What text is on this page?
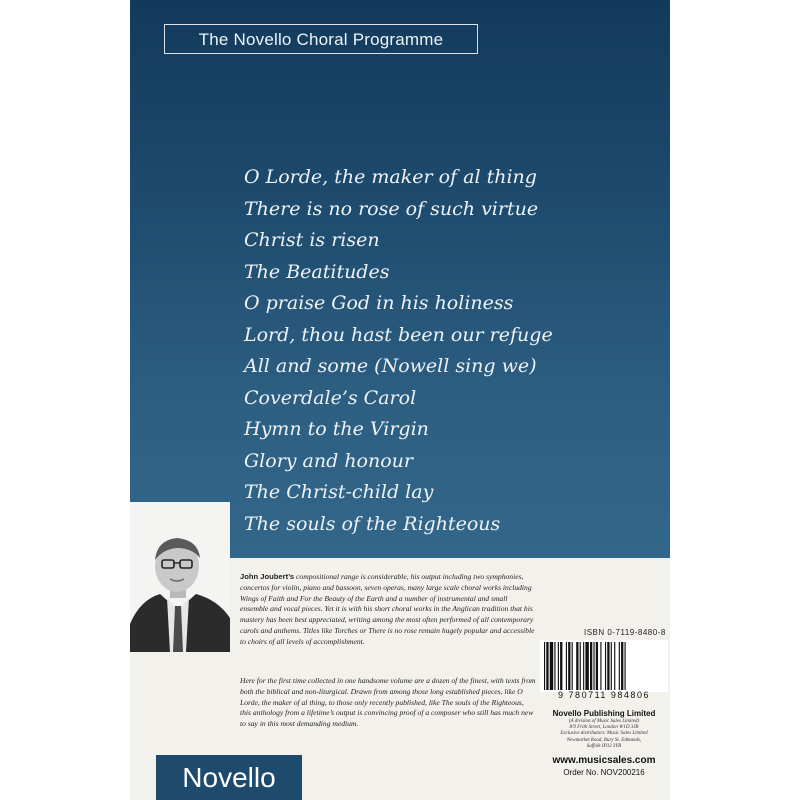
The Novello Choral Programme
O Lorde, the maker of al thing
There is no rose of such virtue
Christ is risen
The Beatitudes
O praise God in his holiness
Lord, thou hast been our refuge
All and some (Nowell sing we)
Coverdale’s Carol
Hymn to the Virgin
Glory and honour
The Christ-child lay
The souls of the Righteous

John Joubert’s compositional range is considerable, his output including two symphonies, concertos for violin, piano and bassoon, seven operas, many large scale choral works including Wings of Faith and For the Beauty of the Earth and a number of instrumental and small ensemble and vocal pieces. Yet it is with his short choral works in the Anglican tradition that his mastery has been best appreciated, writing among the most often performed of all contemporary carols and anthems. Titles like Torches or There is no rose remain hugely popular and accessible to choirs of all levels of accomplishment.

Here for the first time collected in one handsome volume are a dozen of the finest, with texts from both the biblical and non-liturgical. Drawn from among those long established pieces, like O Lorde, the maker of al thing, to those only recently published, like The souls of the Righteous, this anthology from a lifetime’s output is convincing proof of a composer who still has much new to say in this most demanding medium.

ISBN 0-7119-8480-8
9 780711 984806
Novello Publishing Limited
(A division of Music Sales Limited)
8/9 Frith Street, London W1D 3JB
Exclusive distributors: Music Sales Limited
Newmarket Road, Bury St. Edmunds,
Suffolk IP33 3YB
www.musicsales.com
Order No. NOV200216
Novello
